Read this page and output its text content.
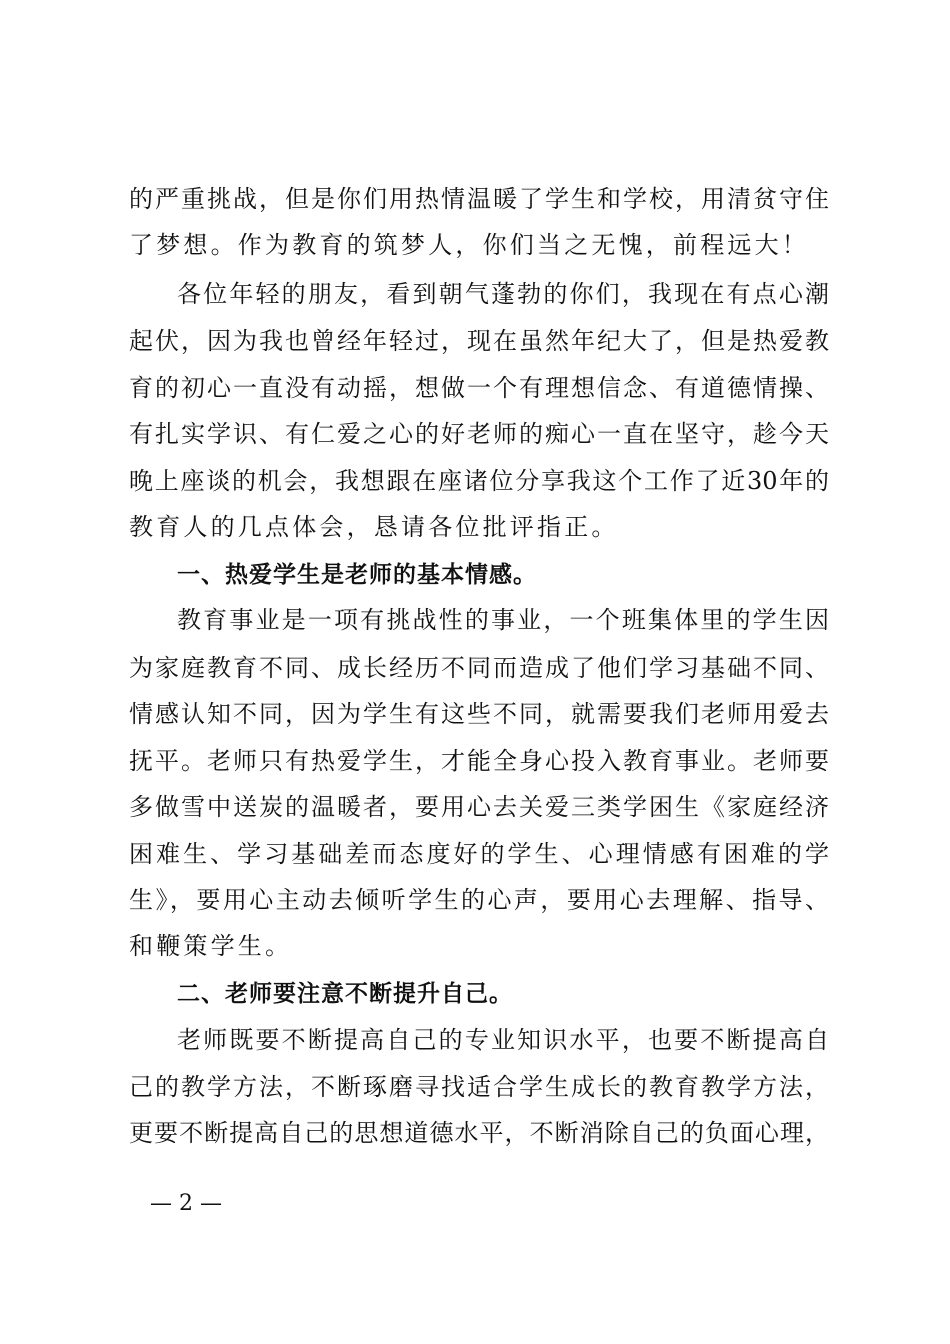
的严重挑战，但是你们用热情温暖了学生和学校，用清贫守住
了梦想。作为教育的筑梦人，你们当之无愧，前程远大！
各位年轻的朋友，看到朝气蓬勃的你们，我现在有点心潮
起伏，因为我也曾经年轻过，现在虽然年纪大了，但是热爱教
育的初心一直没有动摇，想做一个有理想信念、有道德情操、
有扎实学识、有仁爱之心的好老师的痴心一直在坚守，趁今天
晚上座谈的机会，我想跟在座诸位分享我这个工作了近30年的
教育人的几点体会，恳请各位批评指正。
一、热爱学生是老师的基本情感。
教育事业是一项有挑战性的事业，一个班集体里的学生因
为家庭教育不同、成长经历不同而造成了他们学习基础不同、
情感认知不同，因为学生有这些不同，就需要我们老师用爱去
抚平。老师只有热爱学生，才能全身心投入教育事业。老师要
多做雪中送炭的温暖者，要用心去关爱三类学困生《家庭经济
困难生、学习基础差而态度好的学生、心理情感有困难的学
生》，要用心主动去倾听学生的心声，要用心去理解、指导、
和鞭策学生。
二、老师要注意不断提升自己。
老师既要不断提高自己的专业知识水平，也要不断提高自
己的教学方法，不断琢磨寻找适合学生成长的教育教学方法，
更要不断提高自己的思想道德水平，不断消除自己的负面心理，
— 2 —
